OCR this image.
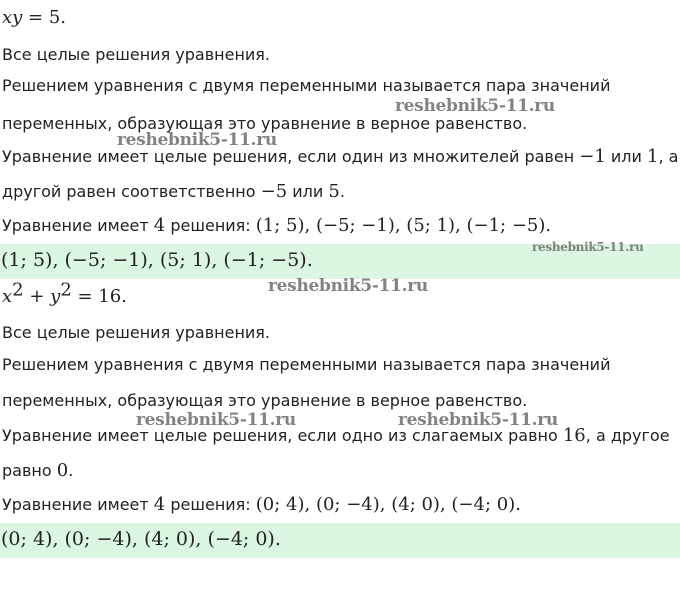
xy = 5.
Все целые решения уравнения.
Решением уравнения с двумя переменными называется пара значений
переменных, образующая это уравнение в верное равенство.
Уравнение имеет целые решения, если один из множителей равен −1 или 1, а
другой равен соответственно −5 или 5.
Уравнение имеет 4 решения: (1; 5), (−5; −1), (5; 1), (−1; −5).
(1; 5), (−5; −1), (5; 1), (−1; −5).
$x^2 + y^2 = 16$.
Все целые решения уравнения.
Решением уравнения с двумя переменными называется пара значений
переменных, образующая это уравнение в верное равенство.
Уравнение имеет целые решения, если одно из слагаемых равно 16, а другое
равно 0.
Уравнение имеет 4 решения: (0; 4), (0; −4), (4; 0), (−4; 0).
(0; 4), (0; −4), (4; 0), (−4; 0).
reshebnik5-11.ru
reshebnik5-11.ru
reshebnik5-11.ru
reshebnik5-11.ru
reshebnik5-11.ru	reshebnik5-11.ru
